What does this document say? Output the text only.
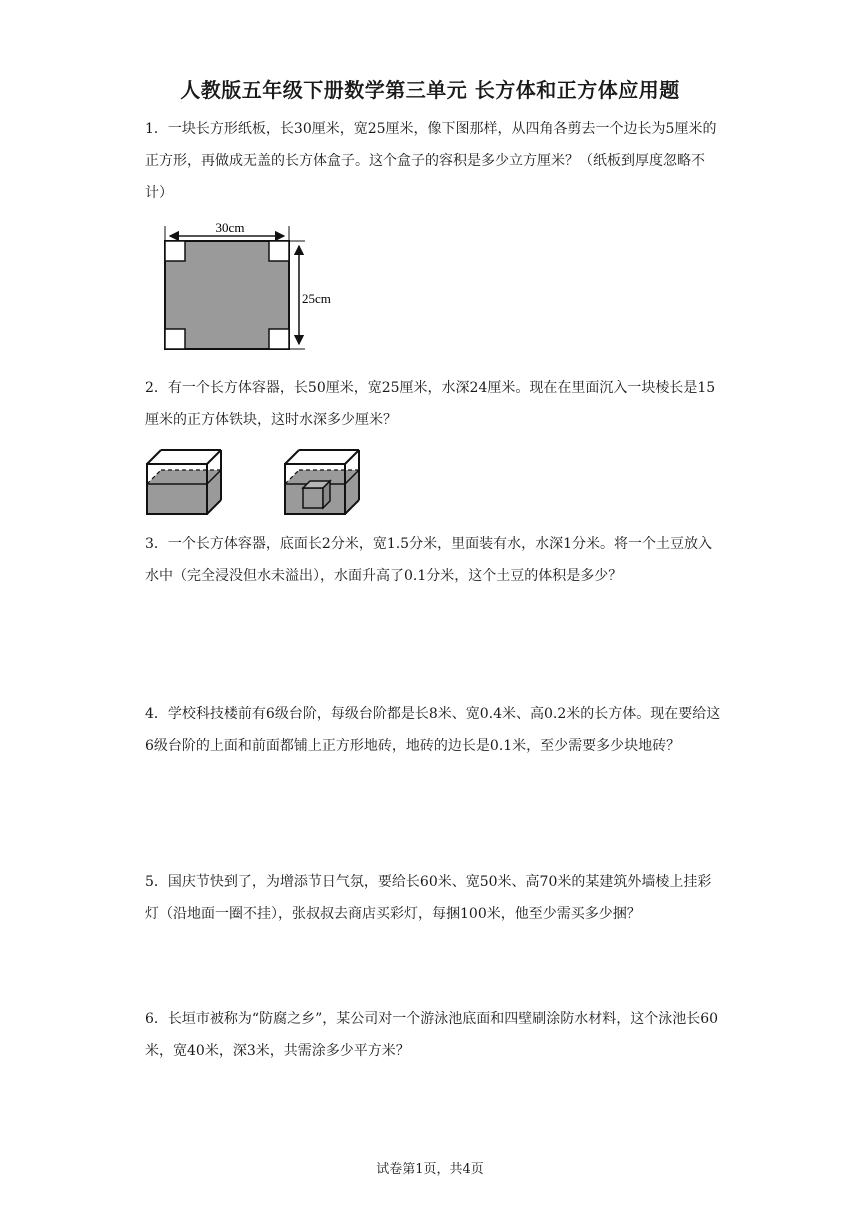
人教版五年级下册数学第三单元 长方体和正方体应用题
1．一块长方形纸板，长30厘米，宽25厘米，像下图那样，从四角各剪去一个边长为5厘米的正方形，再做成无盖的长方体盒子。这个盒子的容积是多少立方厘米？（纸板到厚度忽略不计）
30cm
25cm
2．有一个长方体容器，长50厘米，宽25厘米，水深24厘米。现在在里面沉入一块棱长是15厘米的正方体铁块，这时水深多少厘米？
3．一个长方体容器，底面长2分米，宽1.5分米，里面装有水，水深1分米。将一个土豆放入水中（完全浸没但水未溢出），水面升高了0.1分米，这个土豆的体积是多少？
4．学校科技楼前有6级台阶，每级台阶都是长8米、宽0.4米、高0.2米的长方体。现在要给这6级台阶的上面和前面都铺上正方形地砖，地砖的边长是0.1米，至少需要多少块地砖？
5．国庆节快到了，为增添节日气氛，要给长60米、宽50米、高70米的某建筑外墙棱上挂彩灯（沿地面一圈不挂），张叔叔去商店买彩灯，每捆100米，他至少需买多少捆？
6．长垣市被称为“防腐之乡”，某公司对一个游泳池底面和四壁刷涂防水材料，这个泳池长60米，宽40米，深3米，共需涂多少平方米？
试卷第1页，共4页
